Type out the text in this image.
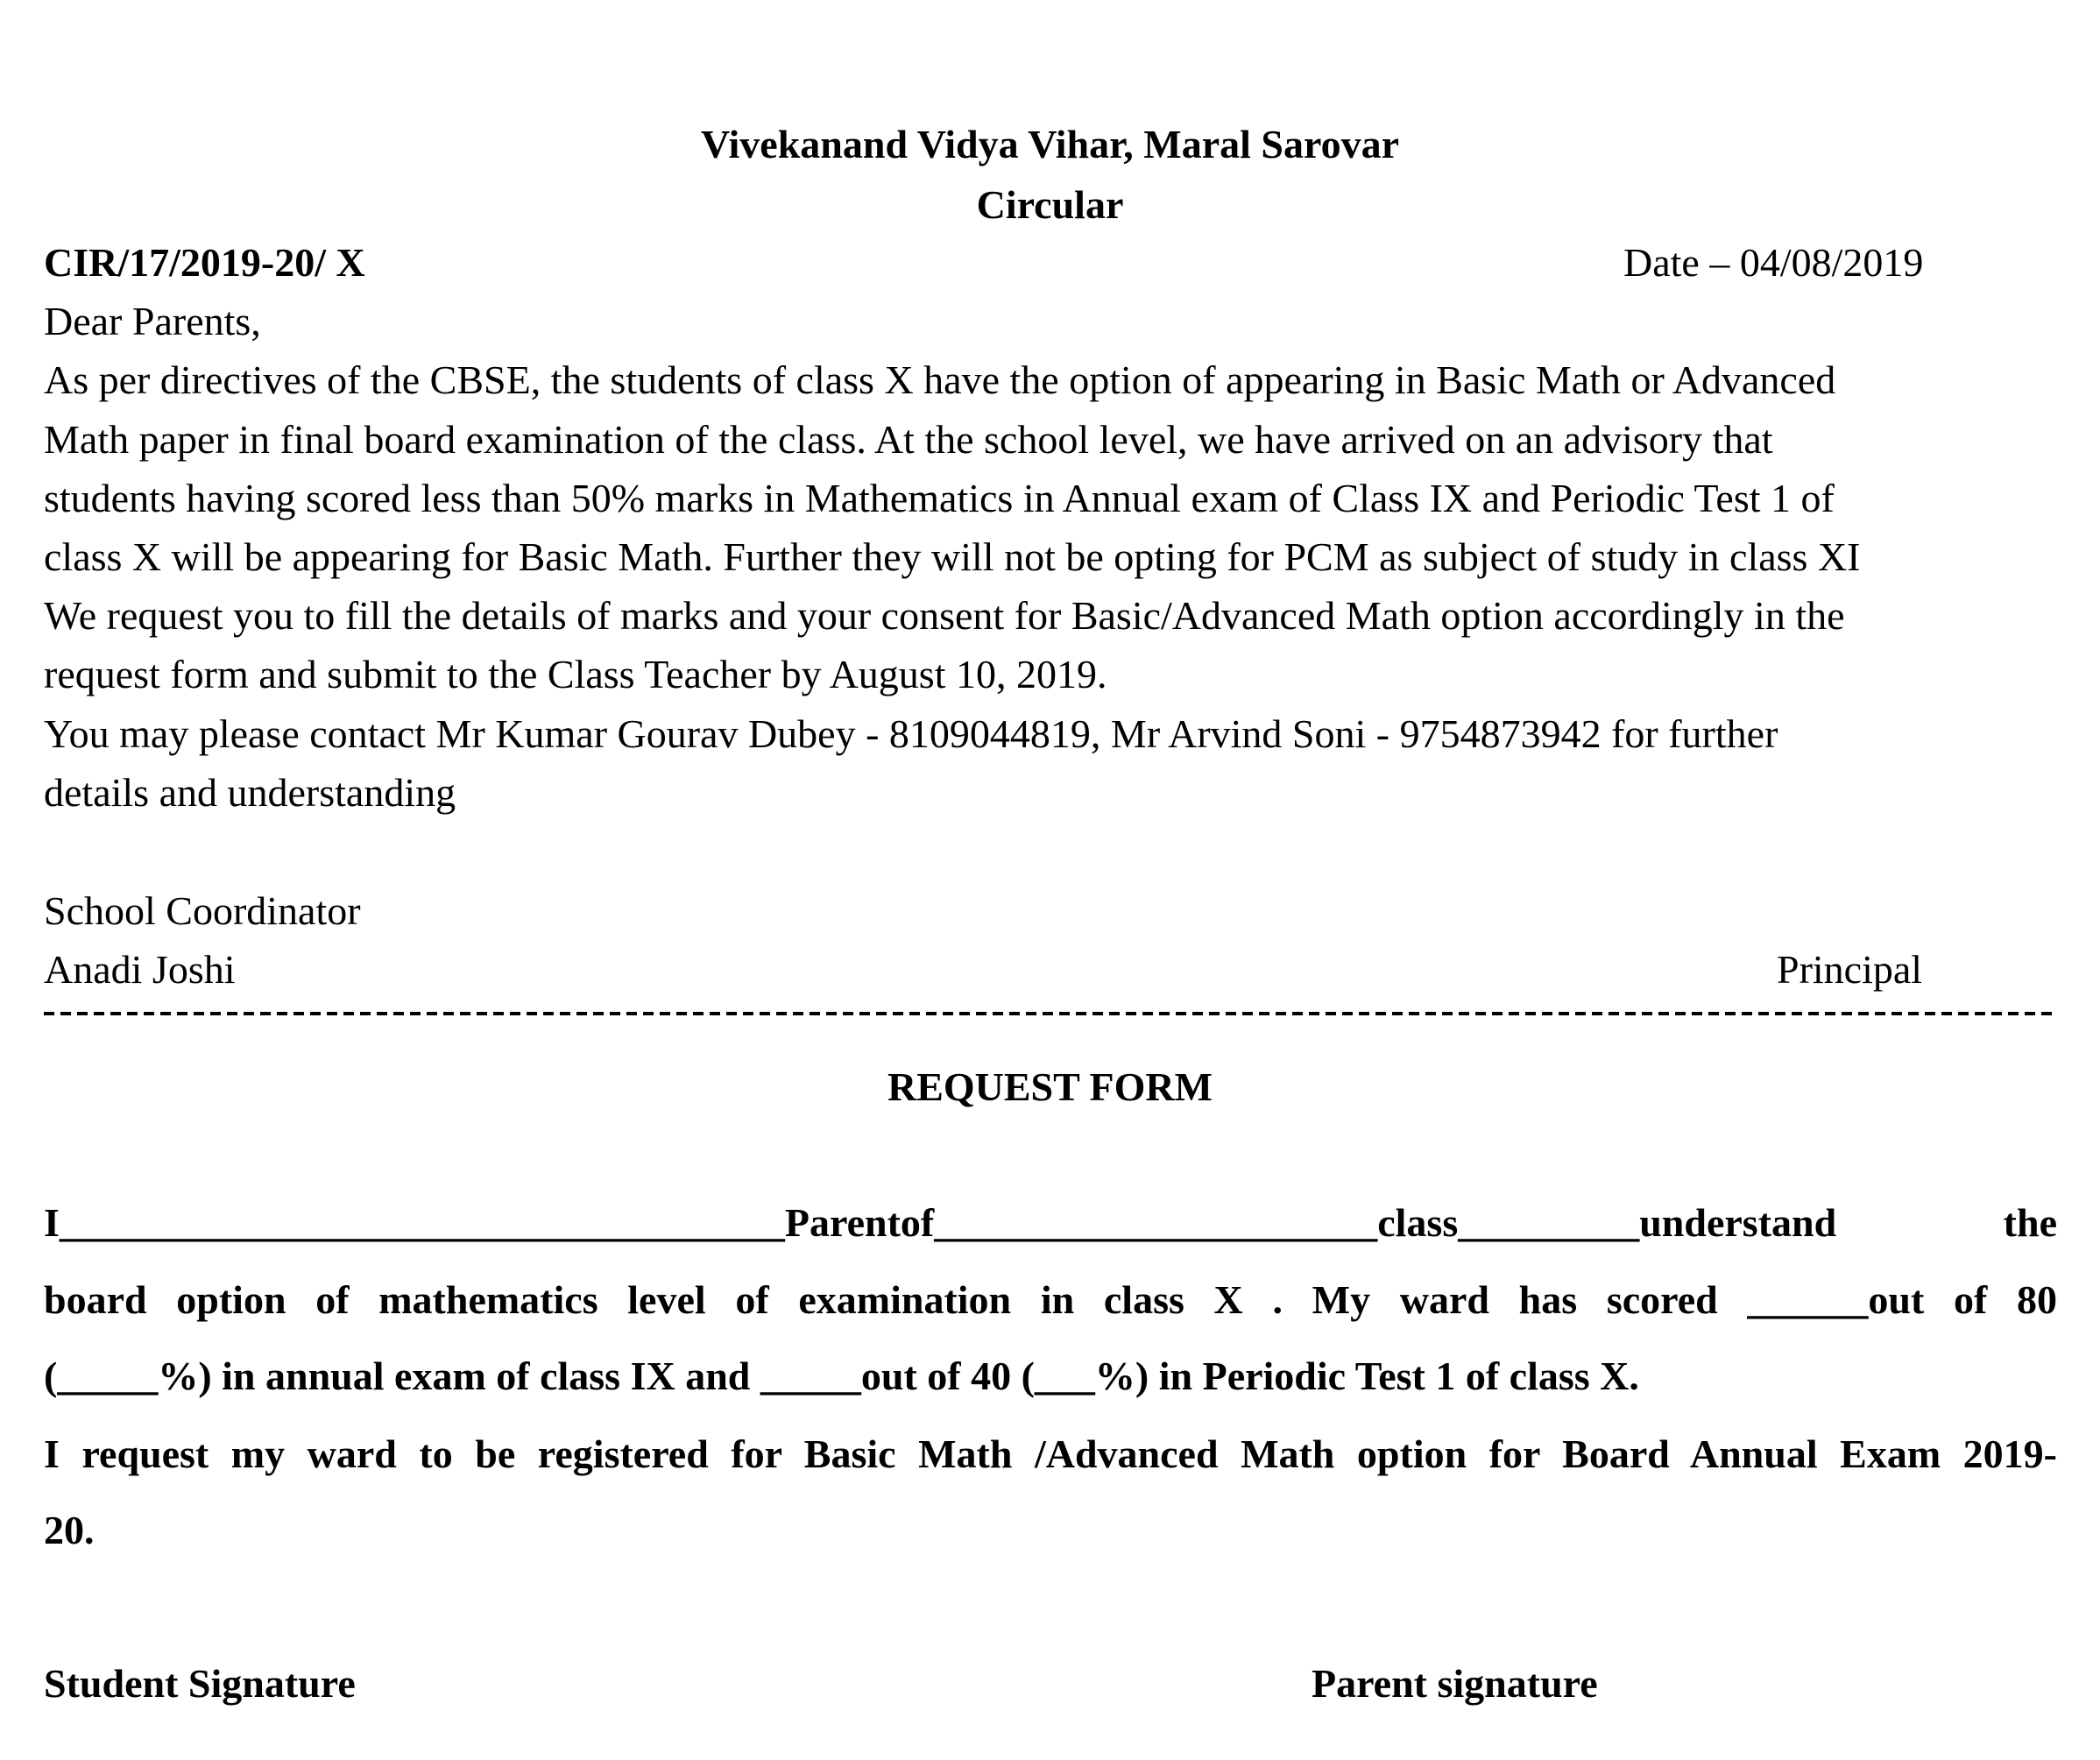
Vivekanand Vidya Vihar, Maral Sarovar
Circular
CIR/17/2019-20/ X	Date – 04/08/2019
Dear Parents,
As per directives of the CBSE, the students of class X have the option of appearing in Basic Math or Advanced
Math paper in final board examination of the class. At the school level, we have arrived on an advisory that
students having scored less than 50% marks in Mathematics in Annual exam of Class IX and Periodic Test 1 of
class X will be appearing for Basic Math. Further they will not be opting for PCM as subject of study in class XI
We request you to fill the details of marks and your consent for Basic/Advanced Math option accordingly in the
request form and submit to the Class Teacher by August 10, 2019.
You may please contact Mr Kumar Gourav Dubey - 8109044819, Mr Arvind Soni - 9754873942 for further
details and understanding
School Coordinator
Anadi Joshi	Principal
REQUEST FORM
I____________________________________Parentof______________________class_________understand the
board option of mathematics level of examination in class X . My ward has scored ______out of 80
(_____%) in annual exam of class IX and _____out of 40 (___%) in Periodic Test 1 of class X.
I request my ward to be registered for Basic Math /Advanced Math option for Board Annual Exam 2019-
20.
Student Signature	Parent signature
